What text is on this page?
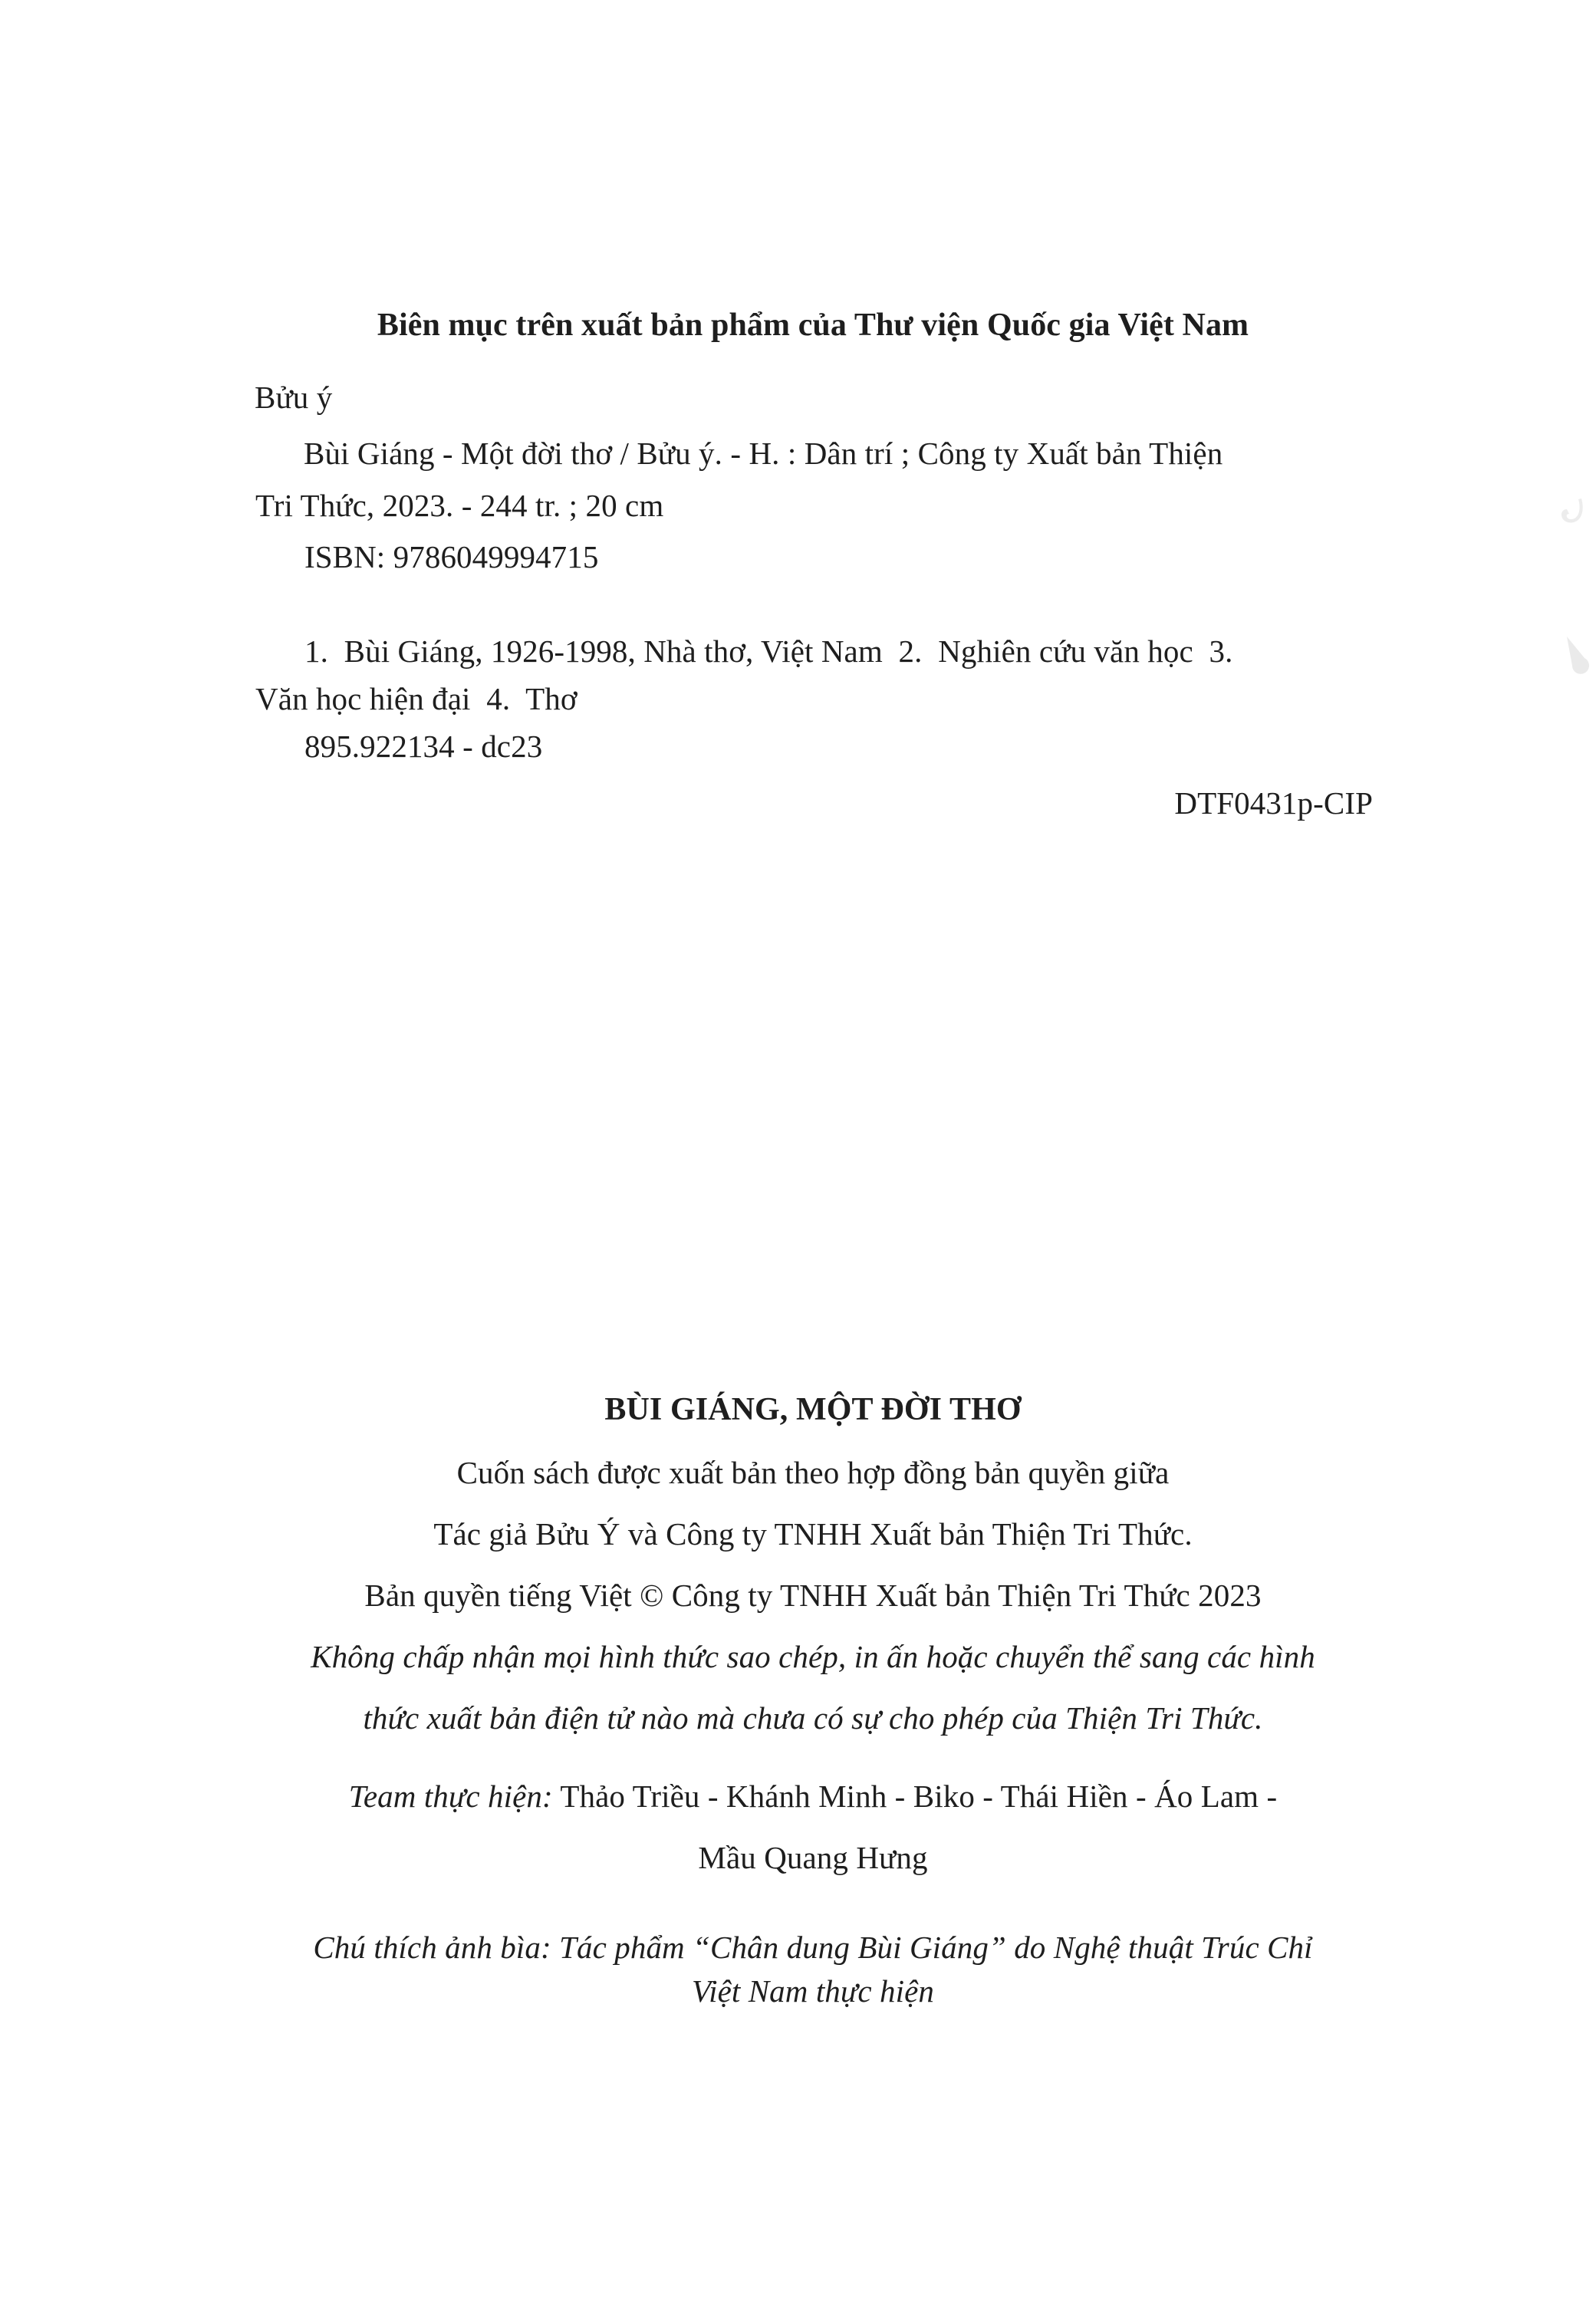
Biên mục trên xuất bản phẩm của Thư viện Quốc gia Việt Nam
Bửu ý
Bùi Giáng - Một đời thơ / Bửu ý. - H. : Dân trí ; Công ty Xuất bản Thiện
Tri Thức, 2023. - 244 tr. ; 20 cm
ISBN: 9786049994715
1.  Bùi Giáng, 1926-1998, Nhà thơ, Việt Nam  2.  Nghiên cứu văn học  3.
Văn học hiện đại  4.  Thơ
895.922134 - dc23
DTF0431p-CIP
BÙI GIÁNG, MỘT ĐỜI THƠ
Cuốn sách được xuất bản theo hợp đồng bản quyền giữa
Tác giả Bửu Ý và Công ty TNHH Xuất bản Thiện Tri Thức.
Bản quyền tiếng Việt © Công ty TNHH Xuất bản Thiện Tri Thức 2023
Không chấp nhận mọi hình thức sao chép, in ấn hoặc chuyển thể sang các hình
thức xuất bản điện tử nào mà chưa có sự cho phép của Thiện Tri Thức.
Team thực hiện: Thảo Triều - Khánh Minh - Biko - Thái Hiền - Áo Lam -
Mầu Quang Hưng
Chú thích ảnh bìa: Tác phẩm “Chân dung Bùi Giáng” do Nghệ thuật Trúc Chỉ
Việt Nam thực hiện
